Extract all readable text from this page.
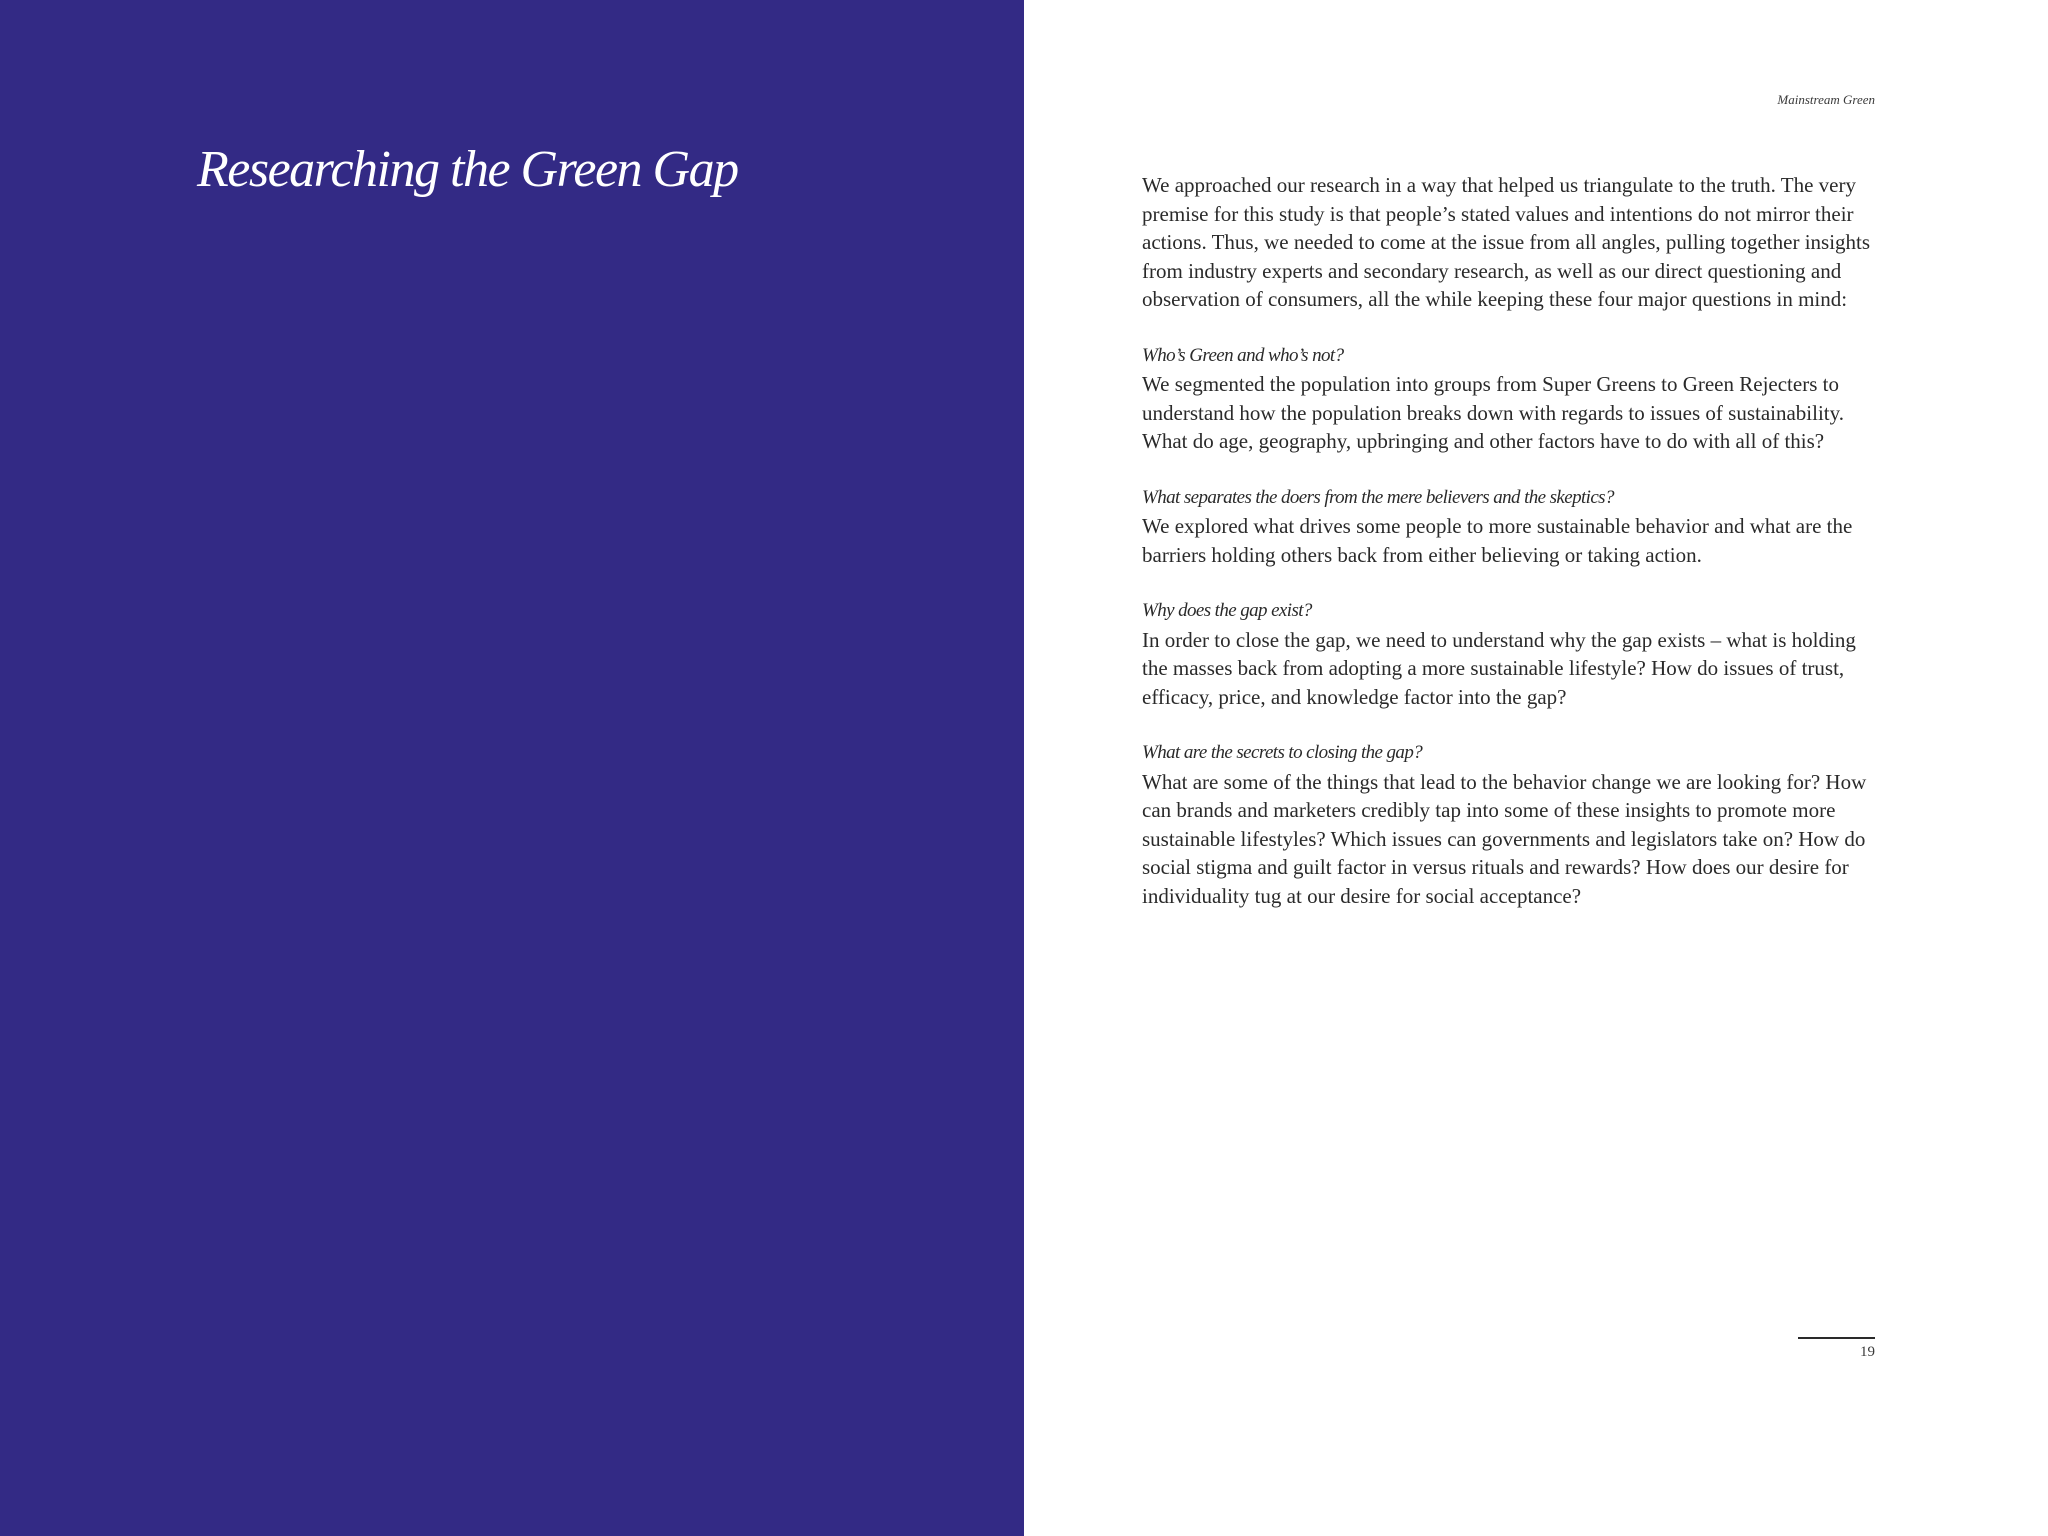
Researching the Green Gap
Mainstream Green

We approached our research in a way that helped us triangulate to the truth. The very premise for this study is that people’s stated values and intentions do not mirror their actions. Thus, we needed to come at the issue from all angles, pulling together insights from industry experts and secondary research, as well as our direct questioning and observation of consumers, all the while keeping these four major questions in mind:

Who’s Green and who’s not?

We segmented the population into groups from Super Greens to Green Rejecters to understand how the population breaks down with regards to issues of sustainability. What do age, geography, upbringing and other factors have to do with all of this?

What separates the doers from the mere believers and the skeptics?

We explored what drives some people to more sustainable behavior and what are the barriers holding others back from either believing or taking action.

Why does the gap exist?

In order to close the gap, we need to understand why the gap exists – what is holding the masses back from adopting a more sustainable lifestyle? How do issues of trust, efficacy, price, and knowledge factor into the gap?

What are the secrets to closing the gap?

What are some of the things that lead to the behavior change we are looking for? How can brands and marketers credibly tap into some of these insights to promote more sustainable lifestyles? Which issues can governments and legislators take on? How do social stigma and guilt factor in versus rituals and rewards? How does our desire for individuality tug at our desire for social acceptance?

19
